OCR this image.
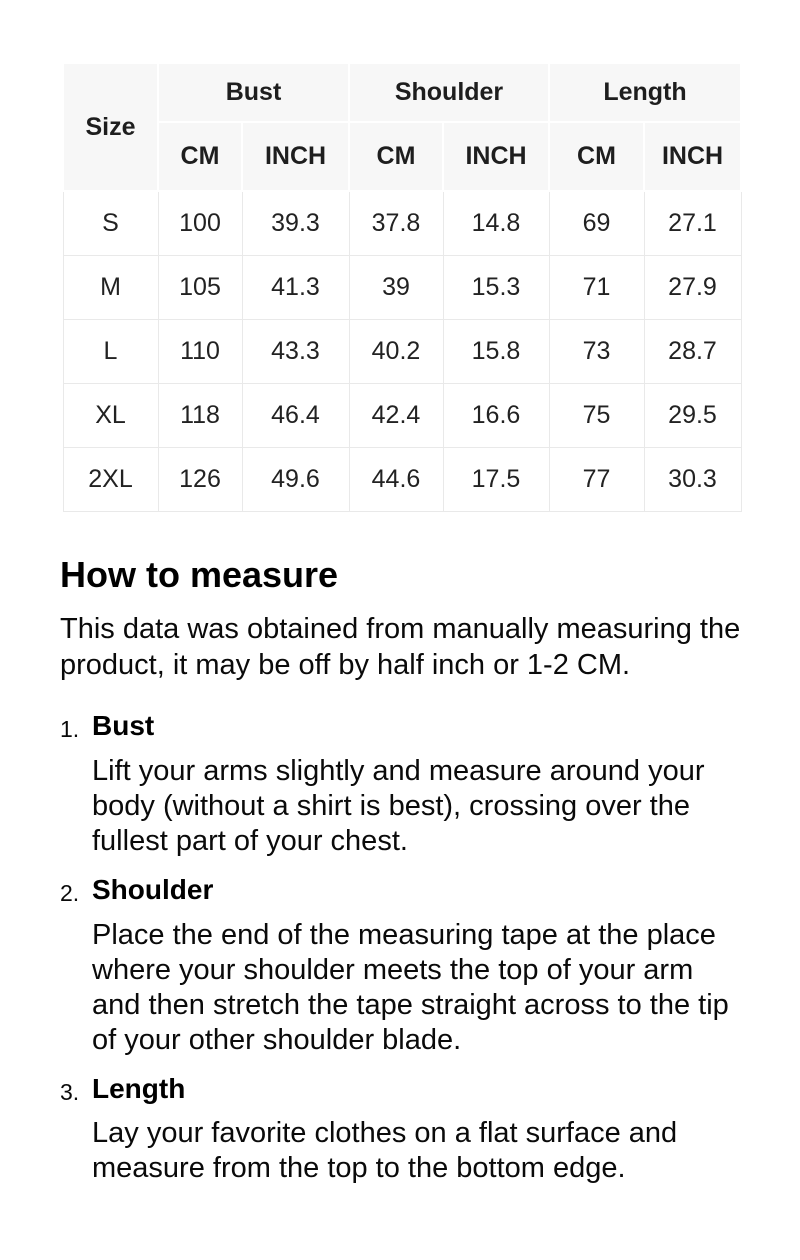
Size	Bust		Shoulder		Length	
	CM	INCH	CM	INCH	CM	INCH
S	100	39.3	37.8	14.8	69	27.1
M	105	41.3	39	15.3	71	27.9
L	110	43.3	40.2	15.8	73	28.7
XL	118	46.4	42.4	16.6	75	29.5
2XL	126	49.6	44.6	17.5	77	30.3
How to measure

This data was obtained from manually measuring the product, it may be off by half inch or 1-2 CM.

1. Bust

Lift your arms slightly and measure around your body (without a shirt is best), crossing over the fullest part of your chest.

2. Shoulder

Place the end of the measuring tape at the place where your shoulder meets the top of your arm and then stretch the tape straight across to the tip of your other shoulder blade.

3. Length

Lay your favorite clothes on a flat surface and measure from the top to the bottom edge.
